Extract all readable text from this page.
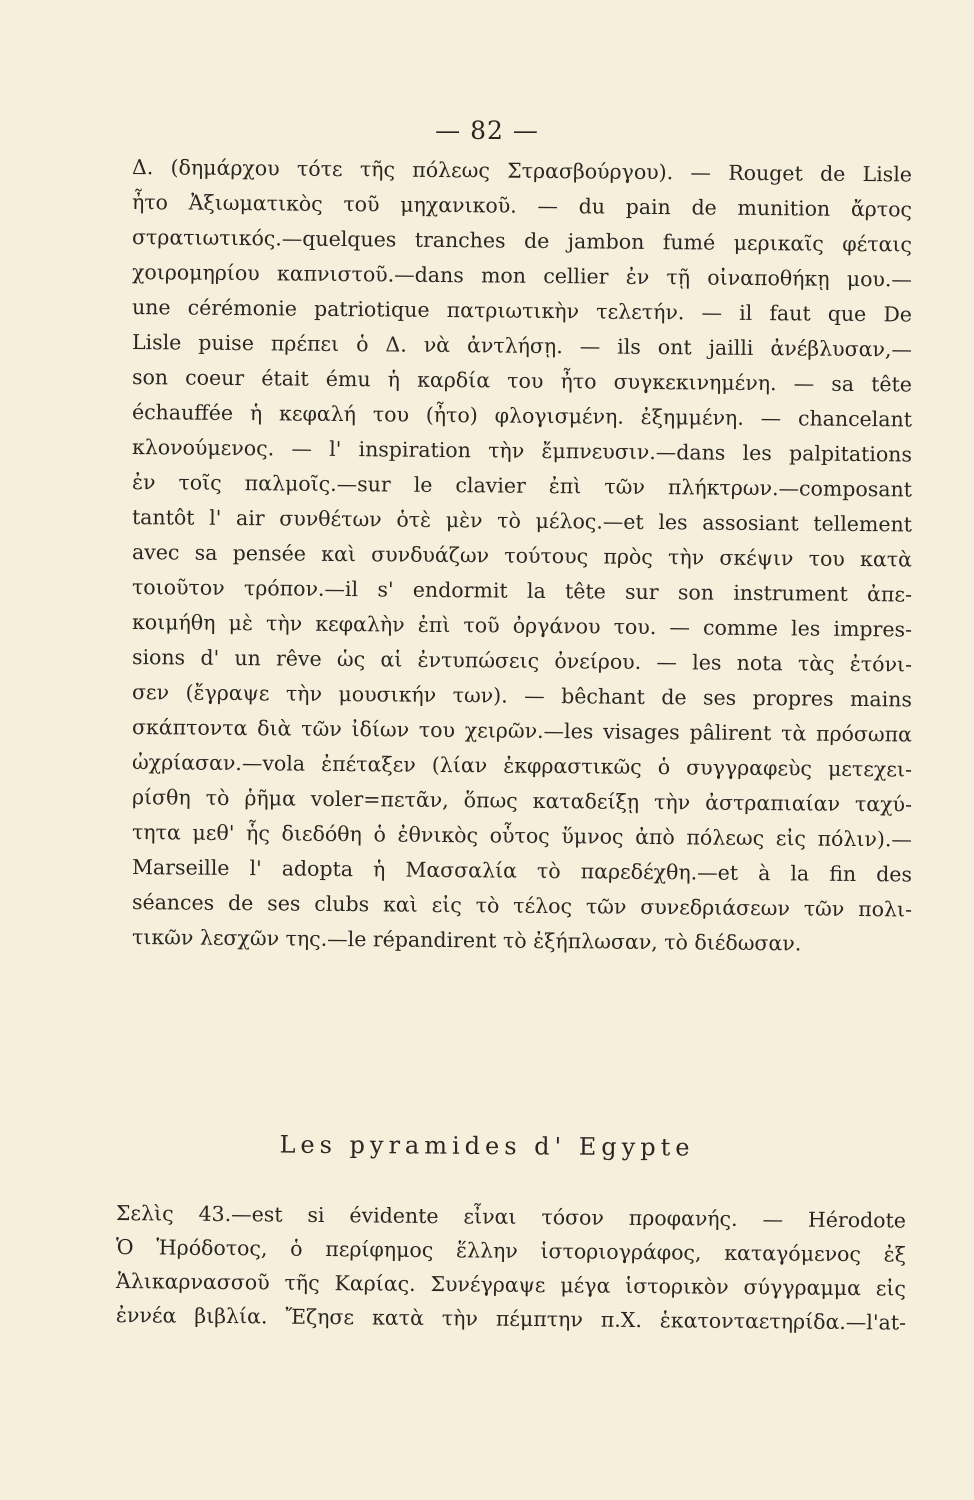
— 82 —
Δ. (δημάρχου τότε τῆς πόλεως Στρασβούργου). — Rouget de Lisle
ἦτο Ἀξιωματικὸς τοῦ μηχανικοῦ. — du pain de munition ἄρτος
στρατιωτικός.—quelques tranches de jambon fumé μερικαῖς φέταις
χοιρομηρίου καπνιστοῦ.—dans mon cellier ἐν τῇ οἰναποθήκῃ μου.—
une cérémonie patriotique πατριωτικὴν τελετήν. — il faut que De
Lisle puise πρέπει ὁ Δ. νὰ ἀντλήσῃ. — ils ont jailli ἀνέβλυσαν,—
son coeur était ému ἡ καρδία του ἦτο συγκεκινημένη. — sa tête
échauffée ἡ κεφαλή του (ἦτο) φλογισμένη. ἐξημμένη. — chancelant
κλονούμενος. — l' inspiration τὴν ἔμπνευσιν.—dans les palpitations
ἐν τοῖς παλμοῖς.—sur le clavier ἐπὶ τῶν πλήκτρων.—composant
tantôt l' air συνθέτων ὁτὲ μὲν τὸ μέλος.—et les assosiant tellement
avec sa pensée καὶ συνδυάζων τούτους πρὸς τὴν σκέψιν του κατὰ
τοιοῦτον τρόπον.—il s' endormit la tête sur son instrument ἀπε-
κοιμήθη μὲ τὴν κεφαλὴν ἐπὶ τοῦ ὀργάνου του. — comme les impres-
sions d' un rêve ὡς αἱ ἐντυπώσεις ὀνείρου. — les nota τὰς ἐτόνι-
σεν (ἔγραψε τὴν μουσικήν των). — bêchant de ses propres mains
σκάπτοντα διὰ τῶν ἰδίων του χειρῶν.—les visages pâlirent τὰ πρόσωπα
ὠχρίασαν.—vola ἐπέταξεν (λίαν ἐκφραστικῶς ὁ συγγραφεὺς μετεχει-
ρίσθη τὸ ῥῆμα voler=πετᾶν, ὅπως καταδείξῃ τὴν ἀστραπιαίαν ταχύ-
τητα μεθ' ἧς διεδόθη ὁ ἐθνικὸς οὗτος ὕμνος ἀπὸ πόλεως εἰς πόλιν).—
Marseille l' adopta ἡ Μασσαλία τὸ παρεδέχθη.—et à la fin des
séances de ses clubs καὶ εἰς τὸ τέλος τῶν συνεδριάσεων τῶν πολι-
τικῶν λεσχῶν της.—le répandirent τὸ ἐξήπλωσαν, τὸ διέδωσαν.
Les pyramides d' Egypte
Σελὶς 43.—est si évidente εἶναι τόσον προφανής. — Hérodote
Ὁ Ἡρόδοτος, ὁ περίφημος ἕλλην ἱστοριογράφος, καταγόμενος ἐξ
Ἁλικαρνασσοῦ τῆς Καρίας. Συνέγραψε μέγα ἱστορικὸν σύγγραμμα εἰς
ἐννέα βιβλία. Ἔζησε κατὰ τὴν πέμπτην π.Χ. ἑκατονταετηρίδα.—l'at-
